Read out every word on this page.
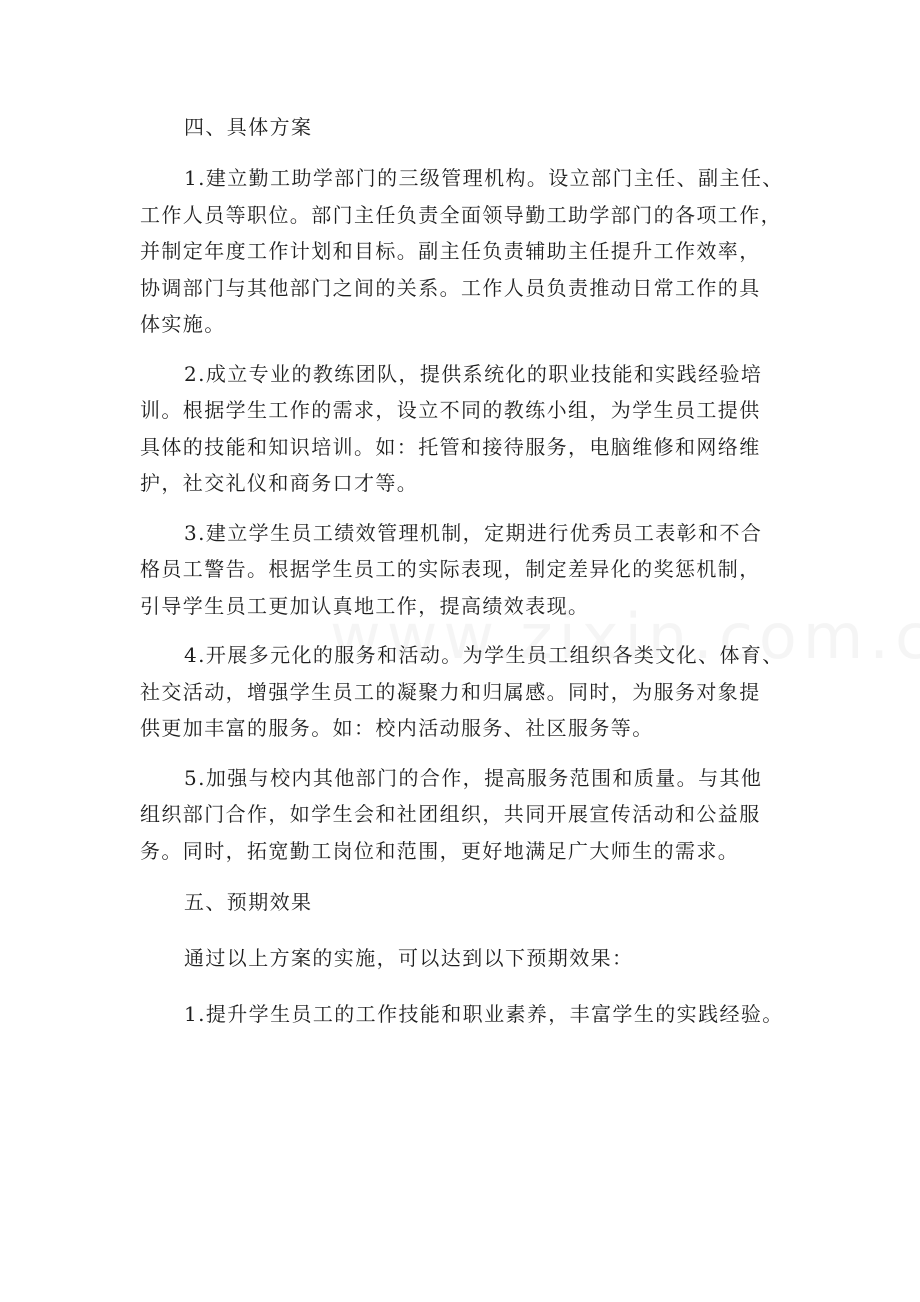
四、具体方案
1.建立勤工助学部门的三级管理机构。设立部门主任、副主任、
工作人员等职位。部门主任负责全面领导勤工助学部门的各项工作，
并制定年度工作计划和目标。副主任负责辅助主任提升工作效率，
协调部门与其他部门之间的关系。工作人员负责推动日常工作的具
体实施。
2.成立专业的教练团队，提供系统化的职业技能和实践经验培
训。根据学生工作的需求，设立不同的教练小组，为学生员工提供
具体的技能和知识培训。如：托管和接待服务，电脑维修和网络维
护，社交礼仪和商务口才等。
3.建立学生员工绩效管理机制，定期进行优秀员工表彰和不合
格员工警告。根据学生员工的实际表现，制定差异化的奖惩机制，
引导学生员工更加认真地工作，提高绩效表现。
4.开展多元化的服务和活动。为学生员工组织各类文化、体育、
社交活动，增强学生员工的凝聚力和归属感。同时，为服务对象提
供更加丰富的服务。如：校内活动服务、社区服务等。
5.加强与校内其他部门的合作，提高服务范围和质量。与其他
组织部门合作，如学生会和社团组织，共同开展宣传活动和公益服
务。同时，拓宽勤工岗位和范围，更好地满足广大师生的需求。
五、预期效果
通过以上方案的实施，可以达到以下预期效果：
1.提升学生员工的工作技能和职业素养，丰富学生的实践经验。
